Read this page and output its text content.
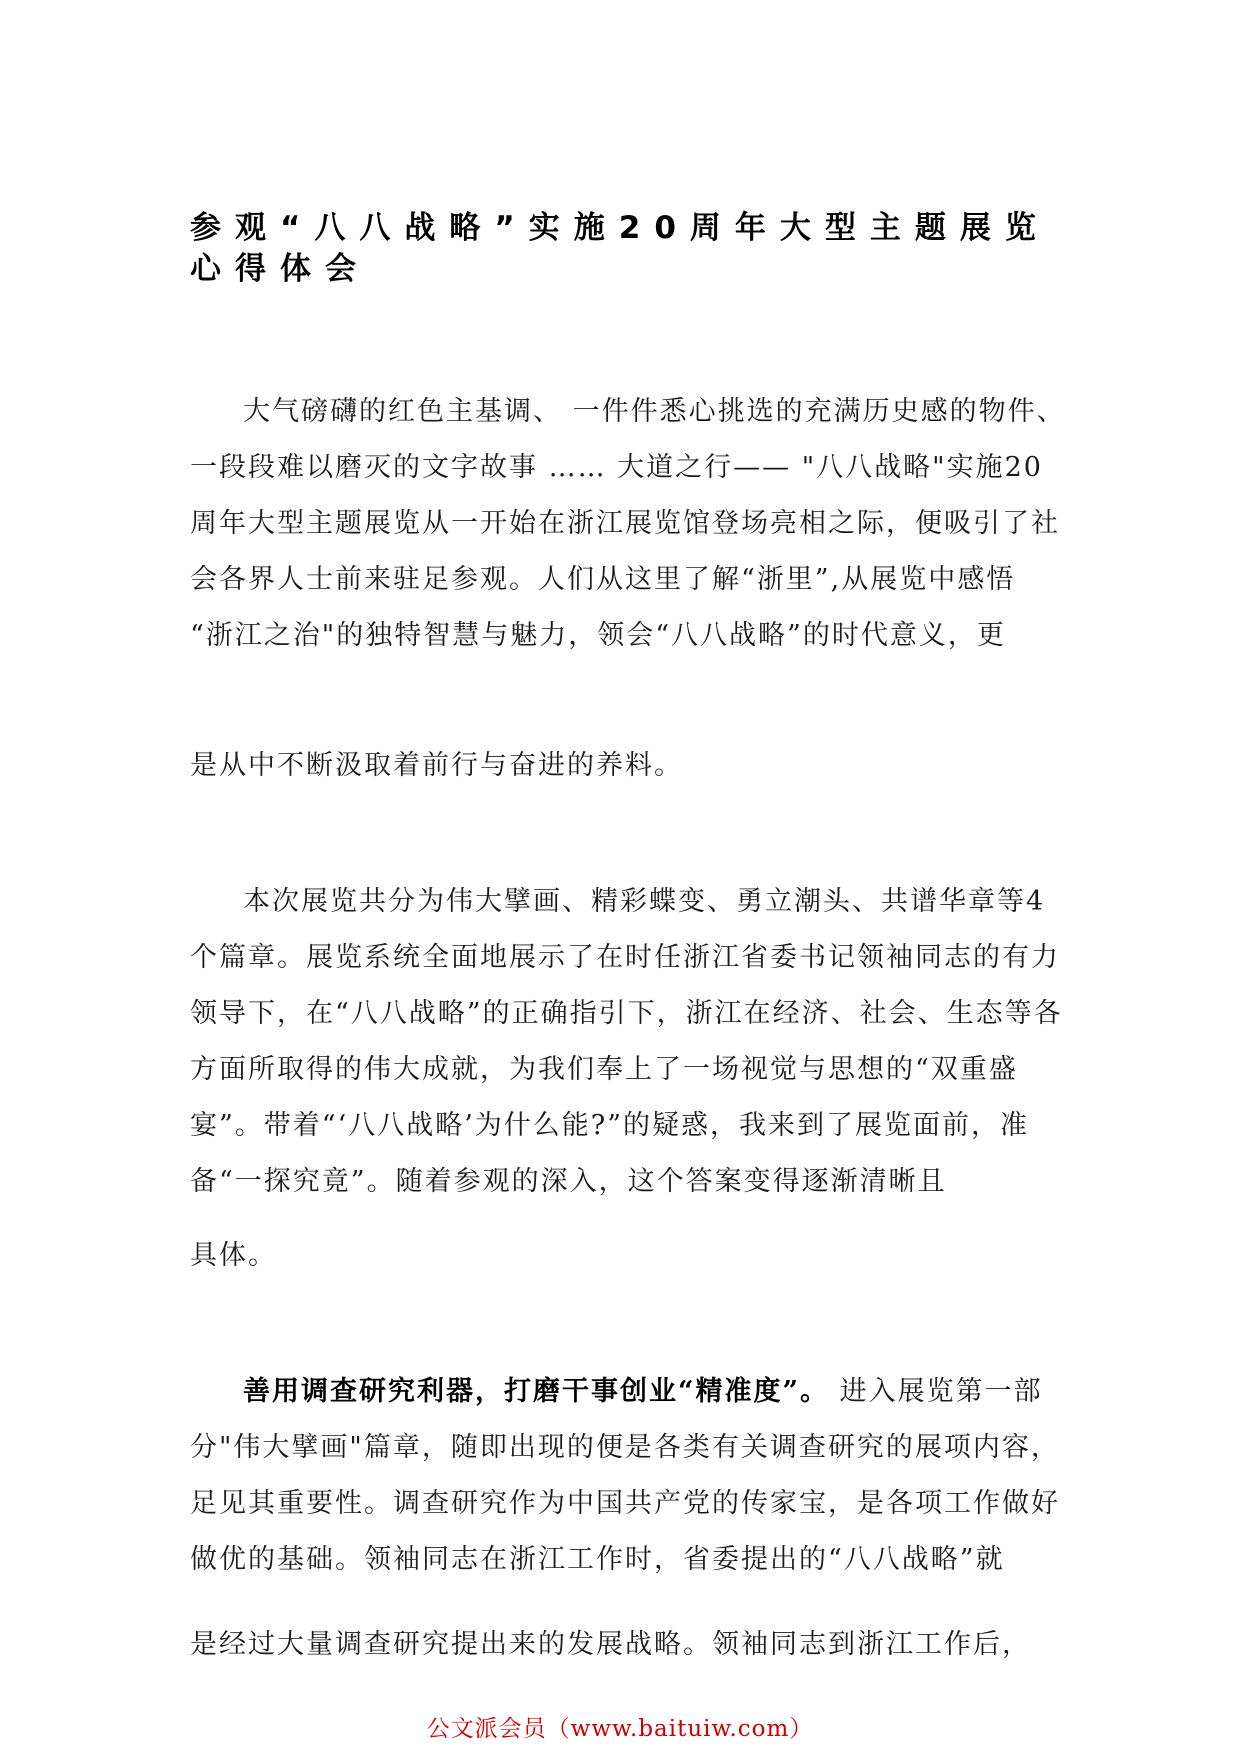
参观“八八战略”实施20周年大型主题展览
心得体会

大气磅礴的红色主基调、 一件件悉心挑选的充满历史感的物件、 一段段难以磨灭的文字故事 …… 大道之行—— "八八战略"实施20 周年大型主题展览从一开始在浙江展览馆登场亮相之际，便吸引了社 会各界人士前来驻足参观。人们从这里了解“浙里”,从展览中感悟 “浙江之治"的独特智慧与魅力，领会“八八战略”的时代意义，更

是从中不断汲取着前行与奋进的养料。

本次展览共分为伟大擘画、精彩蝶变、勇立潮头、共谱华章等4 个篇章。展览系统全面地展示了在时任浙江省委书记领袖同志的有力领导下，在“八八战略”的正确指引下，浙江在经济、社会、生态等各方面所取得的伟大成就，为我们奉上了一场视觉与思想的“双重盛宴”。带着“‘八八战略’为什么能?”的疑惑，我来到了展览面前，准备“一探究竟”。随着参观的深入，这个答案变得逐渐清晰且

具体。

善用调查研究利器，打磨干事创业“精准度”。 进入展览第一部分"伟大擘画"篇章，随即出现的便是各类有关调查研究的展项内容，足见其重要性。调查研究作为中国共产党的传家宝，是各项工作做好做优的基础。领袖同志在浙江工作时，省委提出的“八八战略”就

是经过大量调查研究提出来的发展战略。领袖同志到浙江工作后，

公文派会员（www.baituiw.com）
